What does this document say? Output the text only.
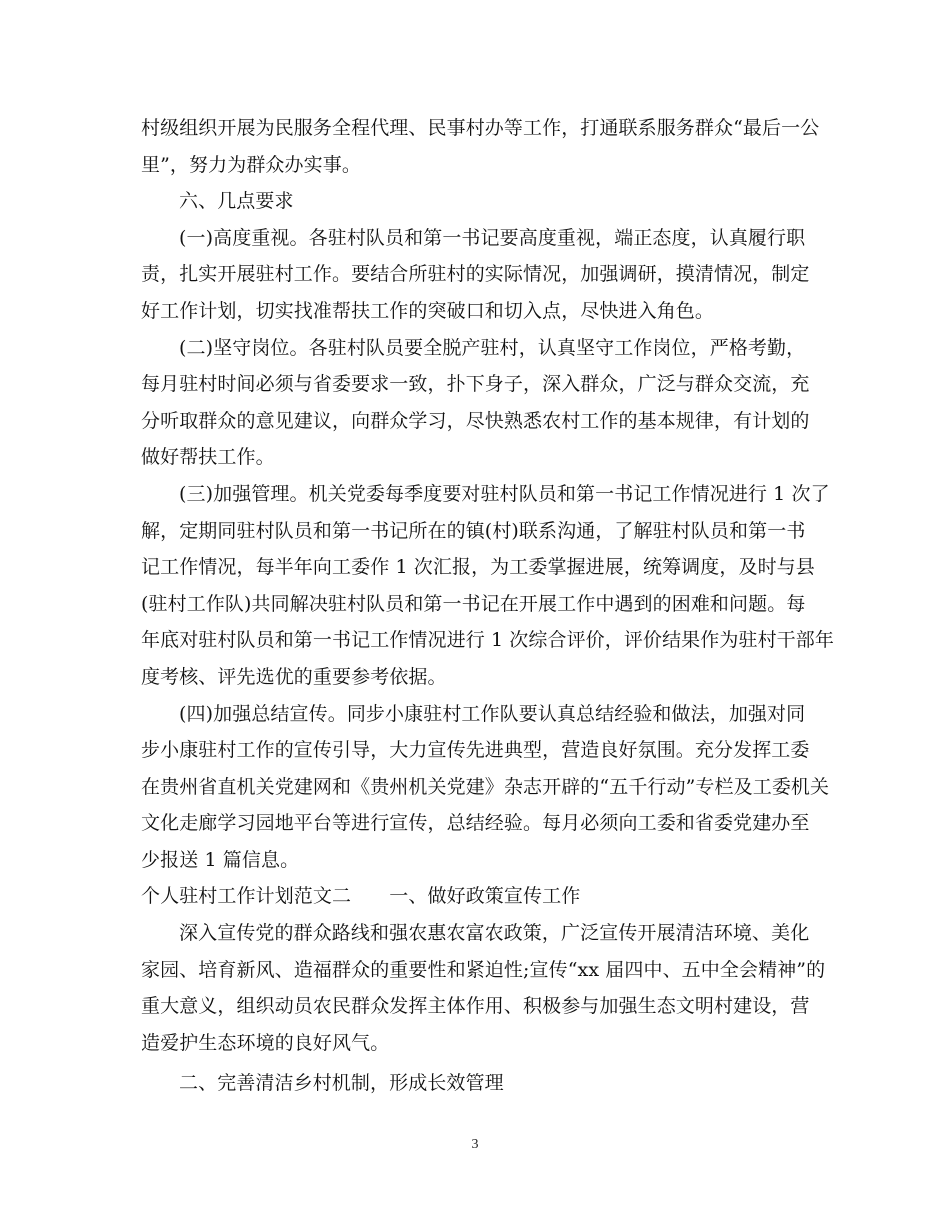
村级组织开展为民服务全程代理、民事村办等工作，打通联系服务群众“最后一公
里”，努力为群众办实事。
六、几点要求
(一)高度重视。各驻村队员和第一书记要高度重视，端正态度，认真履行职
责，扎实开展驻村工作。要结合所驻村的实际情况，加强调研，摸清情况，制定
好工作计划，切实找准帮扶工作的突破口和切入点，尽快进入角色。
(二)坚守岗位。各驻村队员要全脱产驻村，认真坚守工作岗位，严格考勤，
每月驻村时间必须与省委要求一致，扑下身子，深入群众，广泛与群众交流，充
分听取群众的意见建议，向群众学习，尽快熟悉农村工作的基本规律，有计划的
做好帮扶工作。
(三)加强管理。机关党委每季度要对驻村队员和第一书记工作情况进行 1 次了
解，定期同驻村队员和第一书记所在的镇(村)联系沟通，了解驻村队员和第一书
记工作情况，每半年向工委作 1 次汇报，为工委掌握进展，统筹调度，及时与县
(驻村工作队)共同解决驻村队员和第一书记在开展工作中遇到的困难和问题。每
年底对驻村队员和第一书记工作情况进行 1 次综合评价，评价结果作为驻村干部年
度考核、评先选优的重要参考依据。
(四)加强总结宣传。同步小康驻村工作队要认真总结经验和做法，加强对同
步小康驻村工作的宣传引导，大力宣传先进典型，营造良好氛围。充分发挥工委
在贵州省直机关党建网和《贵州机关党建》杂志开辟的“五千行动”专栏及工委机关
文化走廊学习园地平台等进行宣传，总结经验。每月必须向工委和省委党建办至
少报送 1 篇信息。
个人驻村工作计划范文二　　一、做好政策宣传工作
深入宣传党的群众路线和强农惠农富农政策，广泛宣传开展清洁环境、美化
家园、培育新风、造福群众的重要性和紧迫性;宣传“xx 届四中、五中全会精神”的
重大意义，组织动员农民群众发挥主体作用、积极参与加强生态文明村建设，营
造爱护生态环境的良好风气。
二、完善清洁乡村机制，形成长效管理
3
